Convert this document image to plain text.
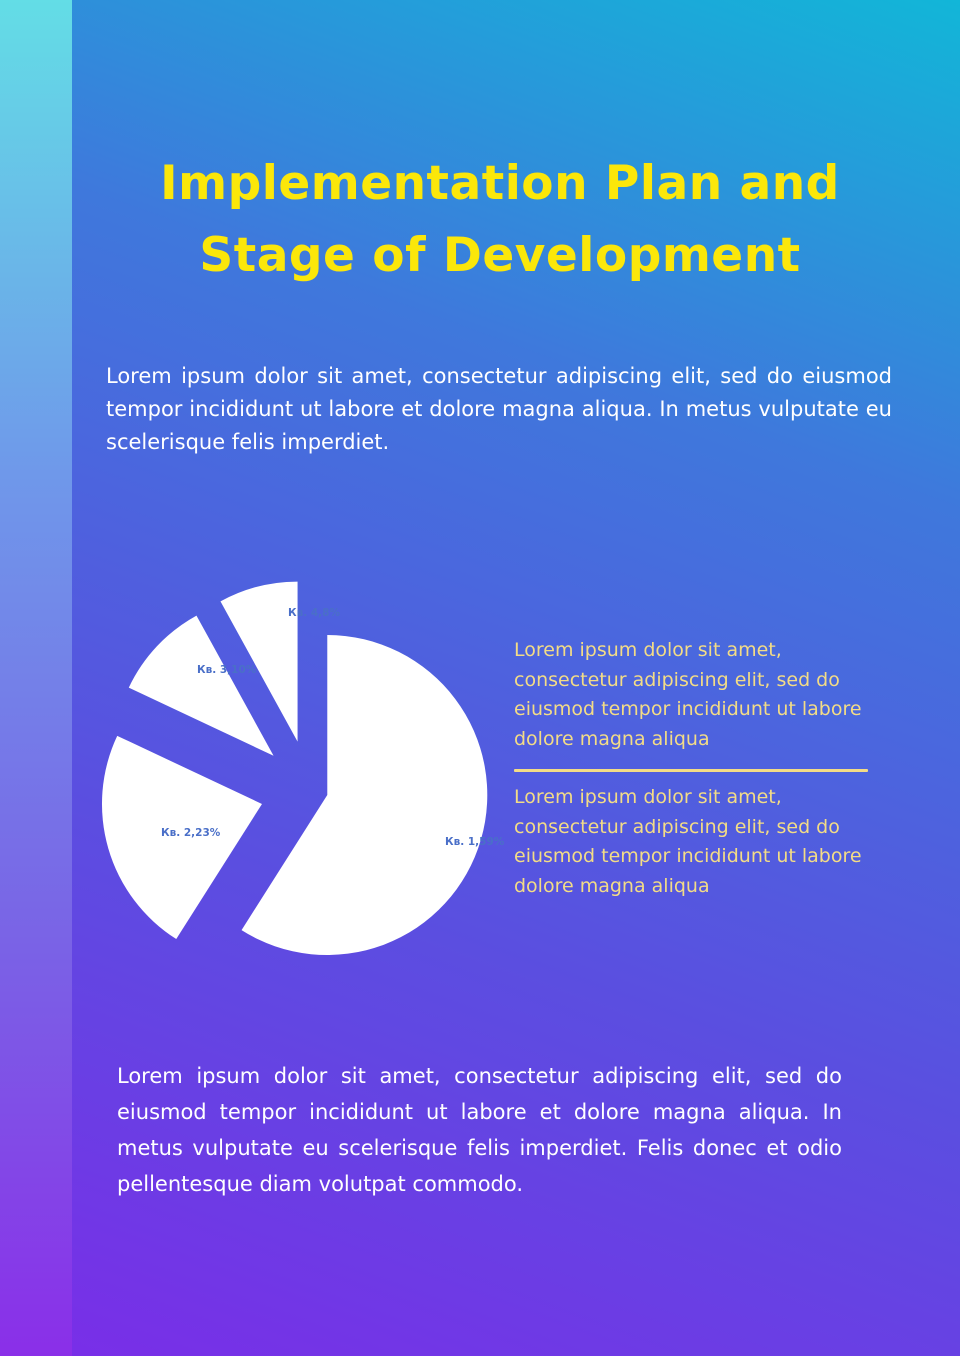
Implementation Plan and Stage of Development

Lorem ipsum dolor sit amet, consectetur adipiscing elit, sed do eiusmod tempor incididunt ut labore et dolore magna aliqua. In metus vulputate eu scelerisque felis imperdiet.

Кв. 1,59%
Кв. 2,23%
Кв. 3,10%
Кв. 4,8%

Lorem ipsum dolor sit amet, consectetur adipiscing elit, sed do eiusmod tempor incididunt ut labore dolore magna aliqua

Lorem ipsum dolor sit amet, consectetur adipiscing elit, sed do eiusmod tempor incididunt ut labore dolore magna aliqua

Lorem ipsum dolor sit amet, consectetur adipiscing elit, sed do eiusmod tempor incididunt ut labore et dolore magna aliqua. In metus vulputate eu scelerisque felis imperdiet. Felis donec et odio pellentesque diam volutpat commodo.
